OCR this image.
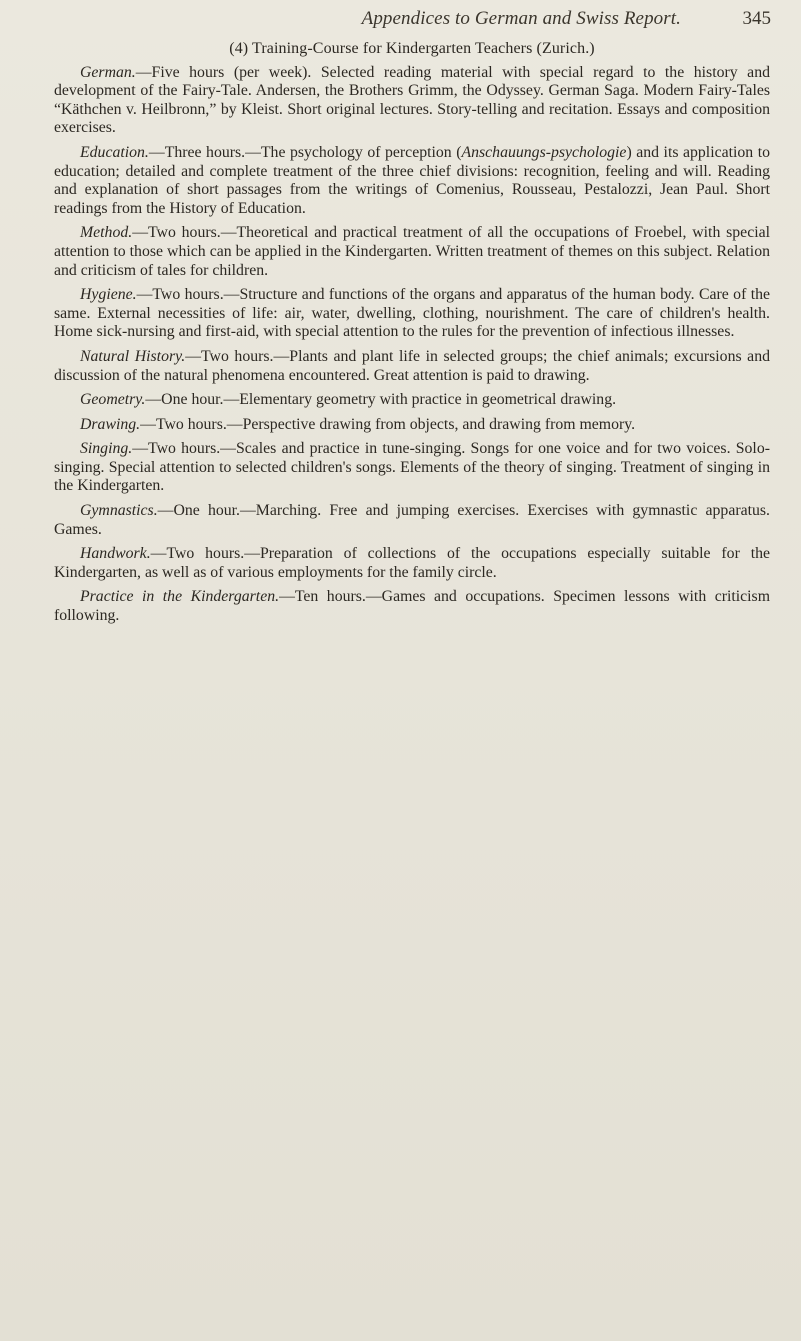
Appendices to German and Swiss Report.	345

(4) Training-Course for Kindergarten Teachers (Zurich.)

German.—Five hours (per week). Selected reading material with special regard to the history and development of the Fairy-Tale. Andersen, the Brothers Grimm, the Odyssey. German Saga. Modern Fairy-Tales “Käthchen v. Heilbronn,” by Kleist. Short original lectures. Story-telling and recitation. Essays and composition exercises.

Education.—Three hours.—The psychology of perception (Anschauungs-psychologie) and its application to education; detailed and complete treatment of the three chief divisions: recognition, feeling and will. Reading and explanation of short passages from the writings of Comenius, Rousseau, Pestalozzi, Jean Paul. Short readings from the History of Education.

Method.—Two hours.—Theoretical and practical treatment of all the occupations of Froebel, with special attention to those which can be applied in the Kindergarten. Written treatment of themes on this subject. Relation and criticism of tales for children.

Hygiene.—Two hours.—Structure and functions of the organs and apparatus of the human body. Care of the same. External necessities of life: air, water, dwelling, clothing, nourishment. The care of children's health. Home sick-nursing and first-aid, with special attention to the rules for the prevention of infectious illnesses.

Natural History.—Two hours.—Plants and plant life in selected groups; the chief animals; excursions and discussion of the natural phenomena encountered. Great attention is paid to drawing.

Geometry.—One hour.—Elementary geometry with practice in geometrical drawing.

Drawing.—Two hours.—Perspective drawing from objects, and drawing from memory.

Singing.—Two hours.—Scales and practice in tune-singing. Songs for one voice and for two voices. Solo-singing. Special attention to selected children's songs. Elements of the theory of singing. Treatment of singing in the Kindergarten.

Gymnastics.—One hour.—Marching. Free and jumping exercises. Exercises with gymnastic apparatus. Games.

Handwork.—Two hours.—Preparation of collections of the occupations especially suitable for the Kindergarten, as well as of various employments for the family circle.

Practice in the Kindergarten.—Ten hours.—Games and occupations. Specimen lessons with criticism following.
